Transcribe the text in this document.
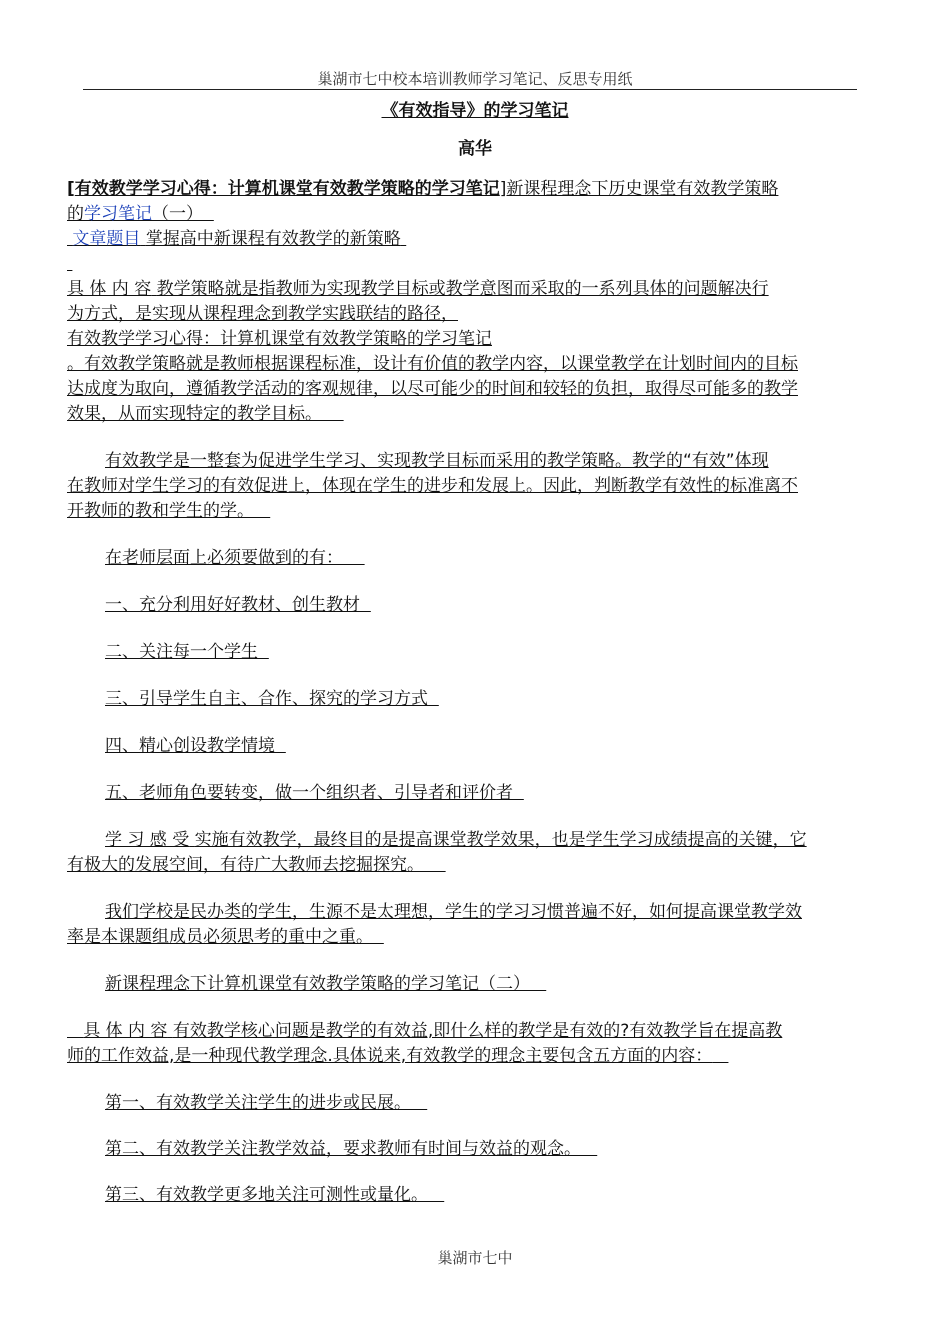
巢湖市七中校本培训教师学习笔记、反思专用纸
《有效指导》的学习笔记
高华
[有效教学学习心得：计算机课堂有效教学策略的学习笔记]新课程理念下历史课堂有效教学策略
的学习笔记（一）
文章题目 掌握高中新课程有效教学的新策略

具 体 内 容 教学策略就是指教师为实现教学目标或教学意图而采取的一系列具体的问题解决行
为方式，是实现从课程理念到教学实践联结的路径，
有效教学学习心得：计算机课堂有效教学策略的学习笔记
。有效教学策略就是教师根据课程标准，设计有价值的教学内容，以课堂教学在计划时间内的目标
达成度为取向，遵循教学活动的客观规律，以尽可能少的时间和较轻的负担，取得尽可能多的教学
效果，从而实现特定的教学目标。
有效教学是一整套为促进学生学习、实现教学目标而采用的教学策略。教学的“有效”体现
在教师对学生学习的有效促进上，体现在学生的进步和发展上。因此，判断教学有效性的标准离不
开教师的教和学生的学。
在老师层面上必须要做到的有：
一、充分利用好好教材、创生教材
二、关注每一个学生
三、引导学生自主、合作、探究的学习方式
四、精心创设教学情境
五、老师角色要转变，做一个组织者、引导者和评价者
学 习 感 受 实施有效教学，最终目的是提高课堂教学效果，也是学生学习成绩提高的关键，它
有极大的发展空间，有待广大教师去挖掘探究。
我们学校是民办类的学生，生源不是太理想，学生的学习习惯普遍不好，如何提高课堂教学效
率是本课题组成员必须思考的重中之重。
新课程理念下计算机课堂有效教学策略的学习笔记（二）
具 体 内 容 有效教学核心问题是教学的有效益,即什么样的教学是有效的?有效教学旨在提高教
师的工作效益,是一种现代教学理念.具体说来,有效教学的理念主要包含五方面的内容：
第一、有效教学关注学生的进步或民展。
第二、有效教学关注教学效益，要求教师有时间与效益的观念。
第三、有效教学更多地关注可测性或量化。
巢湖市七中
